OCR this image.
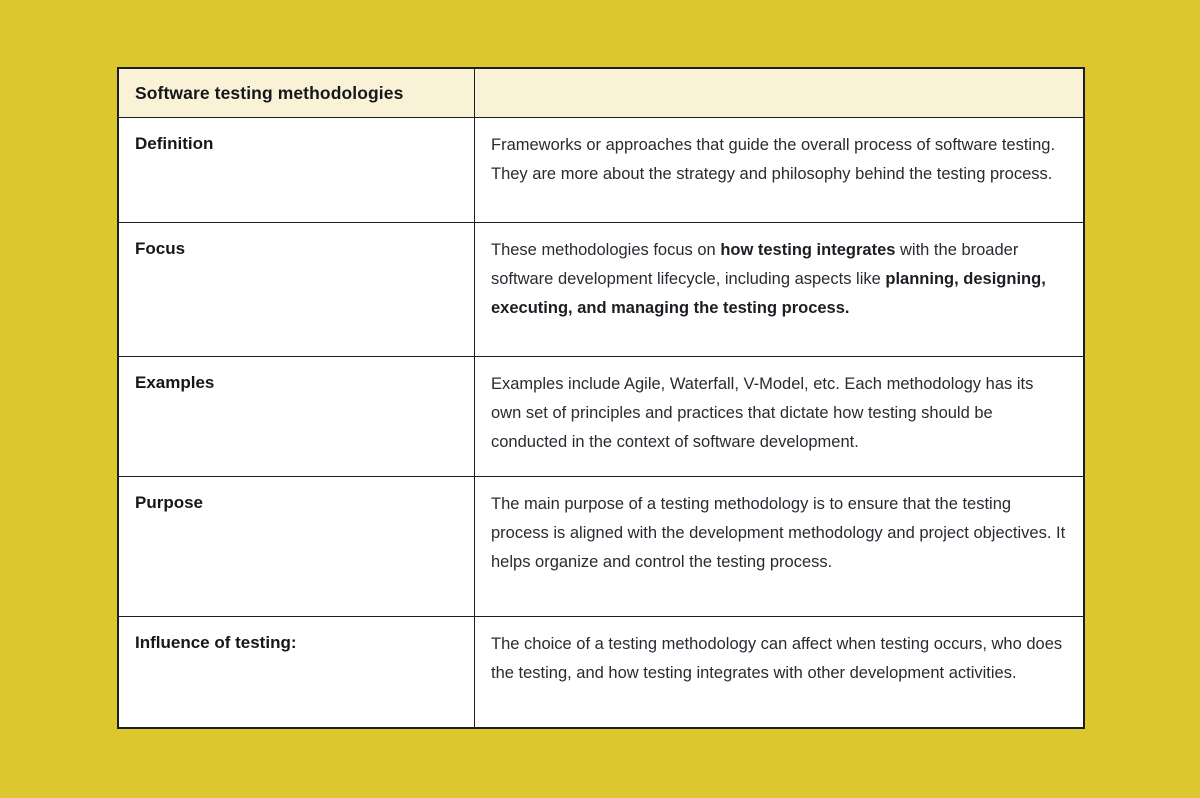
Software testing methodologies
Definition	Frameworks or approaches that guide the overall process of software testing. They are more about the strategy and philosophy behind the testing process.

Focus	These methodologies focus on how testing integrates with the broader software development lifecycle, including aspects like planning, designing, executing, and managing the testing process.

Examples	Examples include Agile, Waterfall, V-Model, etc. Each methodology has its own set of principles and practices that dictate how testing should be conducted in the context of software development.

Purpose	The main purpose of a testing methodology is to ensure that the testing process is aligned with the development methodology and project objectives. It helps organize and control the testing process.

Influence of testing:	The choice of a testing methodology can affect when testing occurs, who does the testing, and how testing integrates with other development activities.
